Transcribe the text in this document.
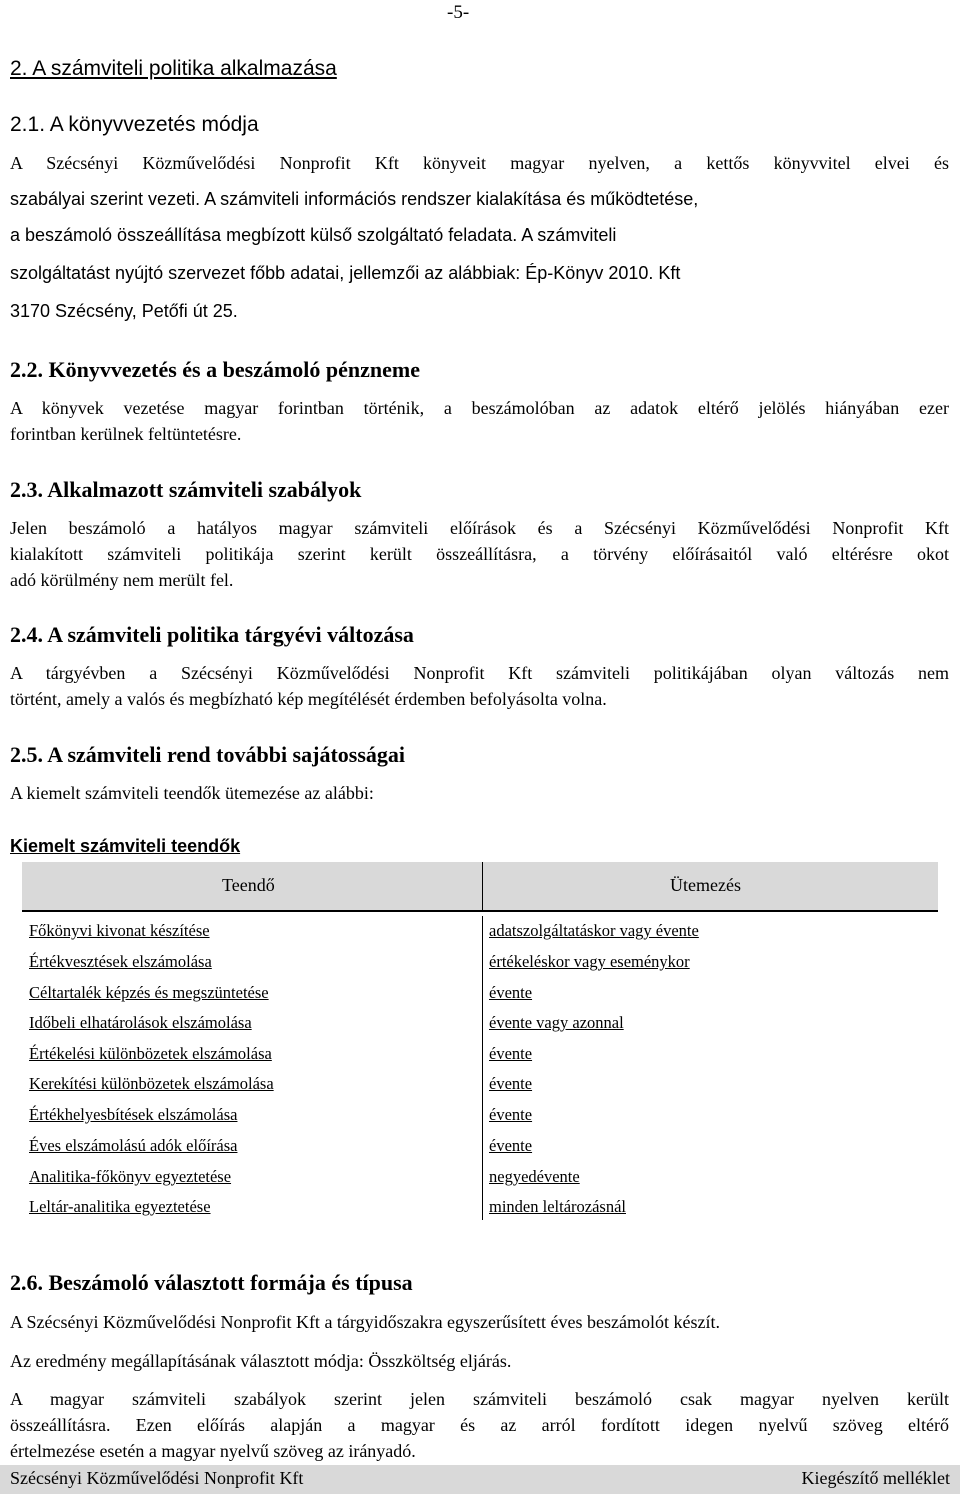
-5-
2. A számviteli politika alkalmazása
2.1. A könyvvezetés módja
A Szécsényi Közművelődési Nonprofit Kft könyveit magyar nyelven, a kettős könyvvitel elvei és
szabályai szerint vezeti. A számviteli információs rendszer kialakítása és működtetése,
a beszámoló összeállítása megbízott külső szolgáltató feladata. A számviteli
szolgáltatást nyújtó szervezet főbb adatai, jellemzői az alábbiak: Ép-Könyv 2010. Kft
3170 Szécsény, Petőfi út 25.
2.2. Könyvvezetés és a beszámoló pénzneme
A könyvek vezetése magyar forintban történik, a beszámolóban az adatok eltérő jelölés hiányában ezer
forintban kerülnek feltüntetésre.
2.3. Alkalmazott számviteli szabályok
Jelen beszámoló a hatályos magyar számviteli előírások és a Szécsényi Közművelődési Nonprofit Kft
kialakított számviteli politikája szerint került összeállításra, a törvény előírásaitól való eltérésre okot
adó körülmény nem merült fel.
2.4. A számviteli politika tárgyévi változása
A tárgyévben a Szécsényi Közművelődési Nonprofit Kft számviteli politikájában olyan változás nem
történt, amely a valós és megbízható kép megítélését érdemben befolyásolta volna.
2.5. A számviteli rend további sajátosságai
A kiemelt számviteli teendők ütemezése az alábbi:
Kiemelt számviteli teendők
Teendő	Ütemezés
Főkönyvi kivonat készítése	adatszolgáltatáskor vagy évente
Értékvesztések elszámolása	értékeléskor vagy eseménykor
Céltartalék képzés és megszüntetése	évente
Időbeli elhatárolások elszámolása	évente vagy azonnal
Értékelési különbözetek elszámolása	évente
Kerekítési különbözetek elszámolása	évente
Értékhelyesbítések elszámolása	évente
Éves elszámolású adók előírása	évente
Analitika-főkönyv egyeztetése	negyedévente
Leltár-analitika egyeztetése	minden leltározásnál
2.6. Beszámoló választott formája és típusa
A Szécsényi Közművelődési Nonprofit Kft a tárgyidőszakra egyszerűsített éves beszámolót készít.
Az eredmény megállapításának választott módja: Összköltség eljárás.
A magyar számviteli szabályok szerint jelen számviteli beszámoló csak magyar nyelven került
összeállításra. Ezen előírás alapján a magyar és az arról fordított idegen nyelvű szöveg eltérő
értelmezése esetén a magyar nyelvű szöveg az irányadó.
Szécsényi Közművelődési Nonprofit Kft	Kiegészítő melléklet
